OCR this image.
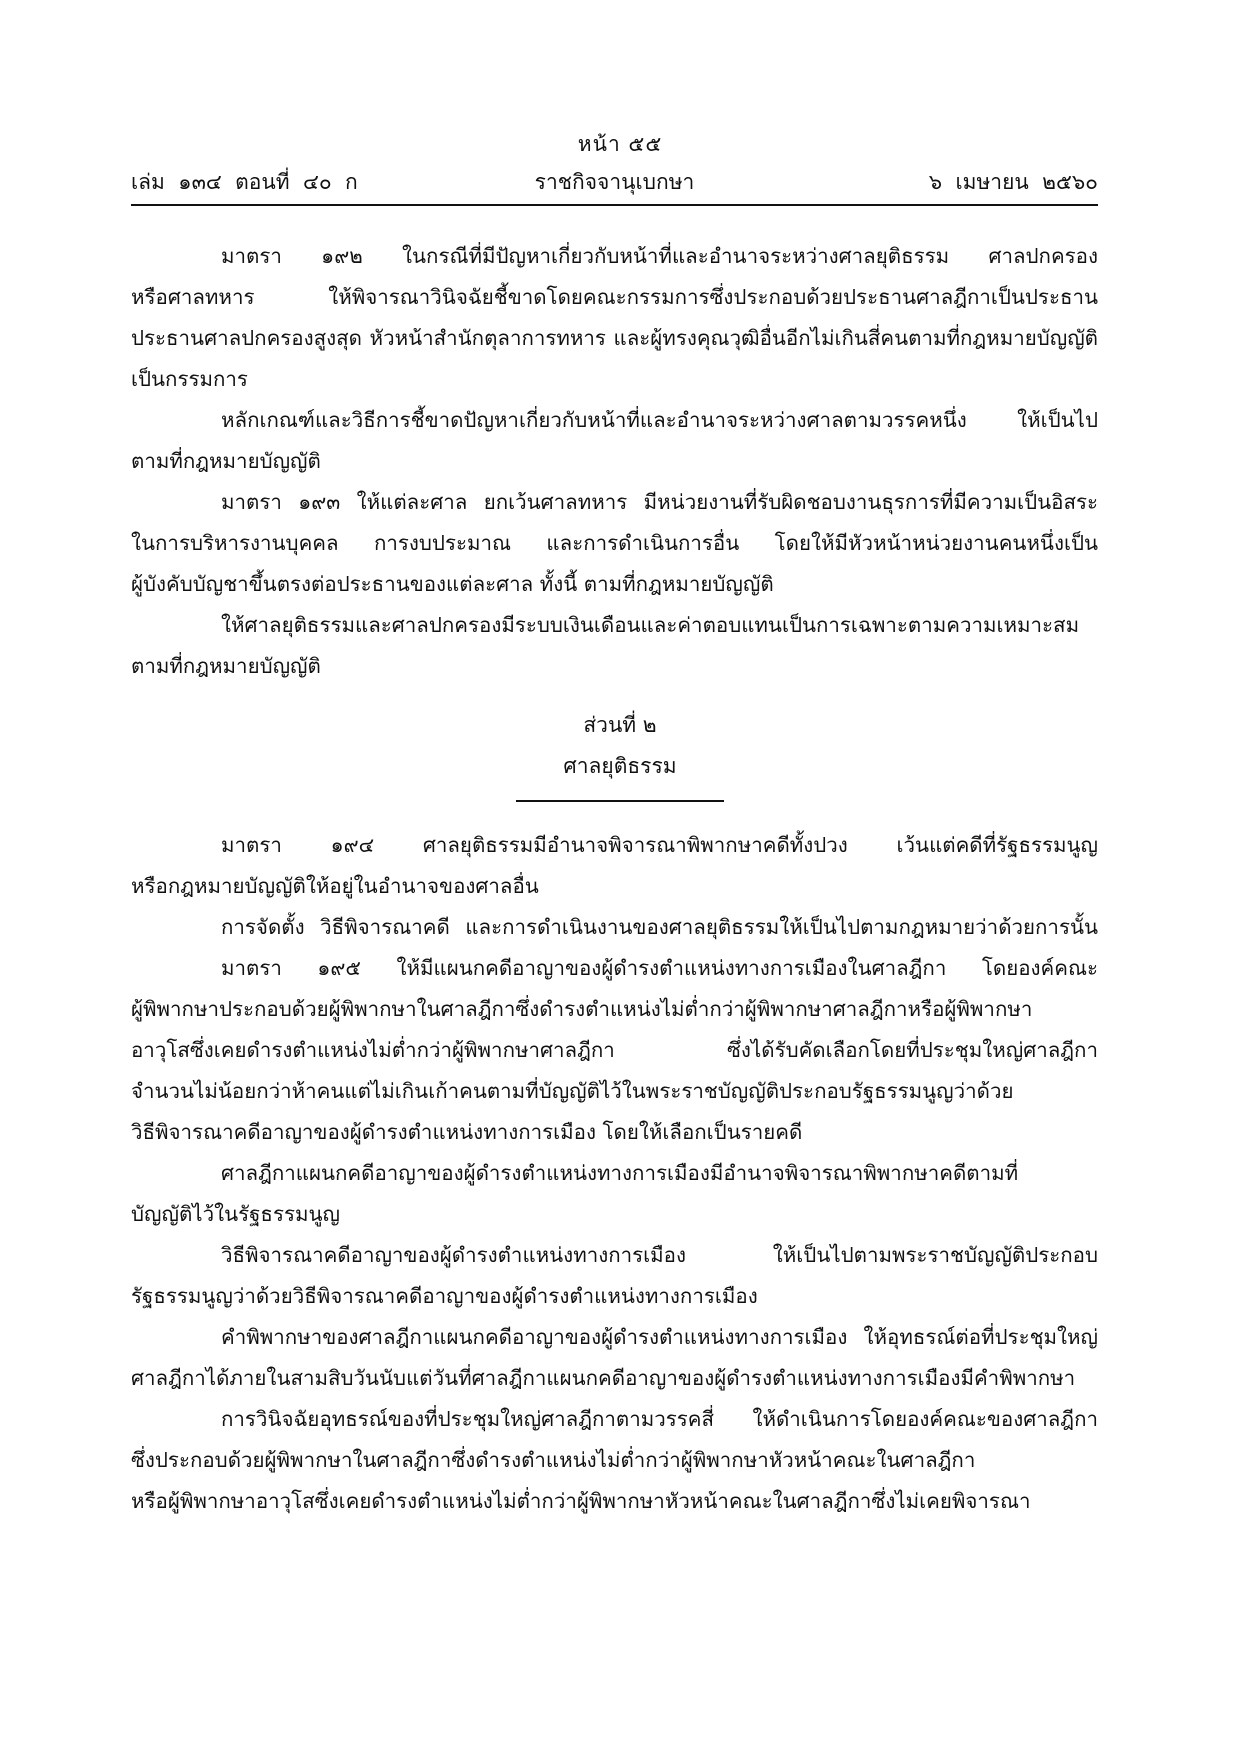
หน้า ๕๕
เล่ม  ๑๓๔  ตอนที่  ๔๐  ก	ราชกิจจานุเบกษา	๖  เมษายน  ๒๕๖๐
มาตรา ๑๙๒ ในกรณีที่มีปัญหาเกี่ยวกับหน้าที่และอำนาจระหว่างศาลยุติธรรม ศาลปกครอง
หรือศาลทหาร ให้พิจารณาวินิจฉัยชี้ขาดโดยคณะกรรมการซึ่งประกอบด้วยประธานศาลฎีกาเป็นประธาน
ประธานศาลปกครองสูงสุด หัวหน้าสำนักตุลาการทหาร และผู้ทรงคุณวุฒิอื่นอีกไม่เกินสี่คนตามที่กฎหมายบัญญัติ
เป็นกรรมการ
หลักเกณฑ์และวิธีการชี้ขาดปัญหาเกี่ยวกับหน้าที่และอำนาจระหว่างศาลตามวรรคหนึ่ง ให้เป็นไป
ตามที่กฎหมายบัญญัติ
มาตรา ๑๙๓ ให้แต่ละศาล ยกเว้นศาลทหาร มีหน่วยงานที่รับผิดชอบงานธุรการที่มีความเป็นอิสระ
ในการบริหารงานบุคคล การงบประมาณ และการดำเนินการอื่น โดยให้มีหัวหน้าหน่วยงานคนหนึ่งเป็น
ผู้บังคับบัญชาขึ้นตรงต่อประธานของแต่ละศาล ทั้งนี้ ตามที่กฎหมายบัญญัติ
ให้ศาลยุติธรรมและศาลปกครองมีระบบเงินเดือนและค่าตอบแทนเป็นการเฉพาะตามความเหมาะสม
ตามที่กฎหมายบัญญัติ
ส่วนที่ ๒
ศาลยุติธรรม
มาตรา ๑๙๔ ศาลยุติธรรมมีอำนาจพิจารณาพิพากษาคดีทั้งปวง เว้นแต่คดีที่รัฐธรรมนูญ
หรือกฎหมายบัญญัติให้อยู่ในอำนาจของศาลอื่น
การจัดตั้ง วิธีพิจารณาคดี และการดำเนินงานของศาลยุติธรรมให้เป็นไปตามกฎหมายว่าด้วยการนั้น
มาตรา ๑๙๕ ให้มีแผนกคดีอาญาของผู้ดำรงตำแหน่งทางการเมืองในศาลฎีกา โดยองค์คณะ
ผู้พิพากษาประกอบด้วยผู้พิพากษาในศาลฎีกาซึ่งดำรงตำแหน่งไม่ต่ำกว่าผู้พิพากษาศาลฎีกาหรือผู้พิพากษา
อาวุโสซึ่งเคยดำรงตำแหน่งไม่ต่ำกว่าผู้พิพากษาศาลฎีกา ซึ่งได้รับคัดเลือกโดยที่ประชุมใหญ่ศาลฎีกา
จำนวนไม่น้อยกว่าห้าคนแต่ไม่เกินเก้าคนตามที่บัญญัติไว้ในพระราชบัญญัติประกอบรัฐธรรมนูญว่าด้วย
วิธีพิจารณาคดีอาญาของผู้ดำรงตำแหน่งทางการเมือง โดยให้เลือกเป็นรายคดี
ศาลฎีกาแผนกคดีอาญาของผู้ดำรงตำแหน่งทางการเมืองมีอำนาจพิจารณาพิพากษาคดีตามที่
บัญญัติไว้ในรัฐธรรมนูญ
วิธีพิจารณาคดีอาญาของผู้ดำรงตำแหน่งทางการเมือง ให้เป็นไปตามพระราชบัญญัติประกอบ
รัฐธรรมนูญว่าด้วยวิธีพิจารณาคดีอาญาของผู้ดำรงตำแหน่งทางการเมือง
คำพิพากษาของศาลฎีกาแผนกคดีอาญาของผู้ดำรงตำแหน่งทางการเมือง ให้อุทธรณ์ต่อที่ประชุมใหญ่
ศาลฎีกาได้ภายในสามสิบวันนับแต่วันที่ศาลฎีกาแผนกคดีอาญาของผู้ดำรงตำแหน่งทางการเมืองมีคำพิพากษา
การวินิจฉัยอุทธรณ์ของที่ประชุมใหญ่ศาลฎีกาตามวรรคสี่ ให้ดำเนินการโดยองค์คณะของศาลฎีกา
ซึ่งประกอบด้วยผู้พิพากษาในศาลฎีกาซึ่งดำรงตำแหน่งไม่ต่ำกว่าผู้พิพากษาหัวหน้าคณะในศาลฎีกา
หรือผู้พิพากษาอาวุโสซึ่งเคยดำรงตำแหน่งไม่ต่ำกว่าผู้พิพากษาหัวหน้าคณะในศาลฎีกาซึ่งไม่เคยพิจารณา
